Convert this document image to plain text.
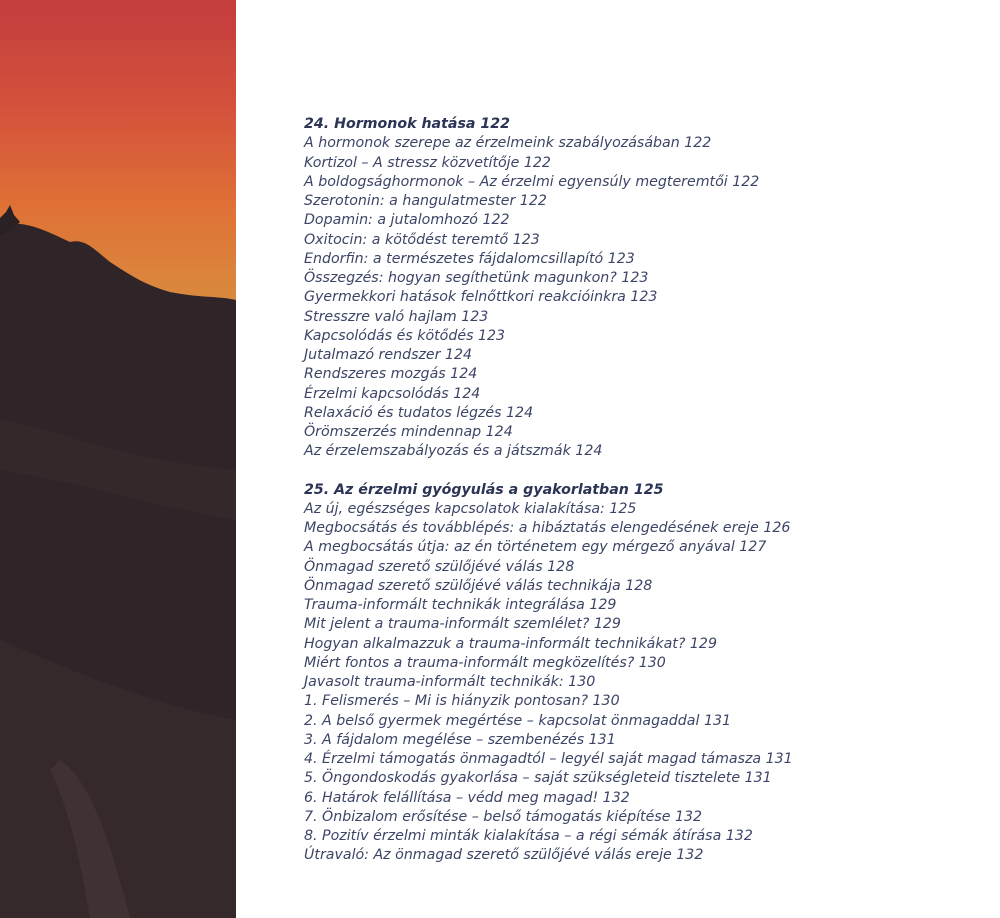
24. Hormonok hatása 122
A hormonok szerepe az érzelmeink szabályozásában 122
Kortizol – A stressz közvetítője 122
A boldogsághormonok – Az érzelmi egyensúly megteremtői 122
Szerotonin: a hangulatmester 122
Dopamin: a jutalomhozó 122
Oxitocin: a kötődést teremtő 123
Endorfin: a természetes fájdalomcsillapító 123
Összegzés: hogyan segíthetünk magunkon? 123
Gyermekkori hatások felnőttkori reakcióinkra 123
Stresszre való hajlam 123
Kapcsolódás és kötődés 123
Jutalmazó rendszer 124
Rendszeres mozgás 124
Érzelmi kapcsolódás 124
Relaxáció és tudatos légzés 124
Örömszerzés mindennap 124
Az érzelemszabályozás és a játszmák 124
25. Az érzelmi gyógyulás a gyakorlatban 125
Az új, egészséges kapcsolatok kialakítása: 125
Megbocsátás és továbblépés: a hibáztatás elengedésének ereje 126
A megbocsátás útja: az én történetem egy mérgező anyával 127
Önmagad szerető szülőjévé válás 128
Önmagad szerető szülőjévé válás technikája 128
Trauma-informált technikák integrálása 129
Mit jelent a trauma-informált szemlélet? 129
Hogyan alkalmazzuk a trauma-informált technikákat? 129
Miért fontos a trauma-informált megközelítés? 130
Javasolt trauma-informált technikák: 130
1. Felismerés – Mi is hiányzik pontosan? 130
2. A belső gyermek megértése – kapcsolat önmagaddal 131
3. A fájdalom megélése – szembenézés 131
4. Érzelmi támogatás önmagadtól – legyél saját magad támasza 131
5. Öngondoskodás gyakorlása – saját szükségleteid tisztelete 131
6. Határok felállítása – védd meg magad! 132
7. Önbizalom erősítése – belső támogatás kiépítése 132
8. Pozitív érzelmi minták kialakítása – a régi sémák átírása 132
Útravaló: Az önmagad szerető szülőjévé válás ereje 132
